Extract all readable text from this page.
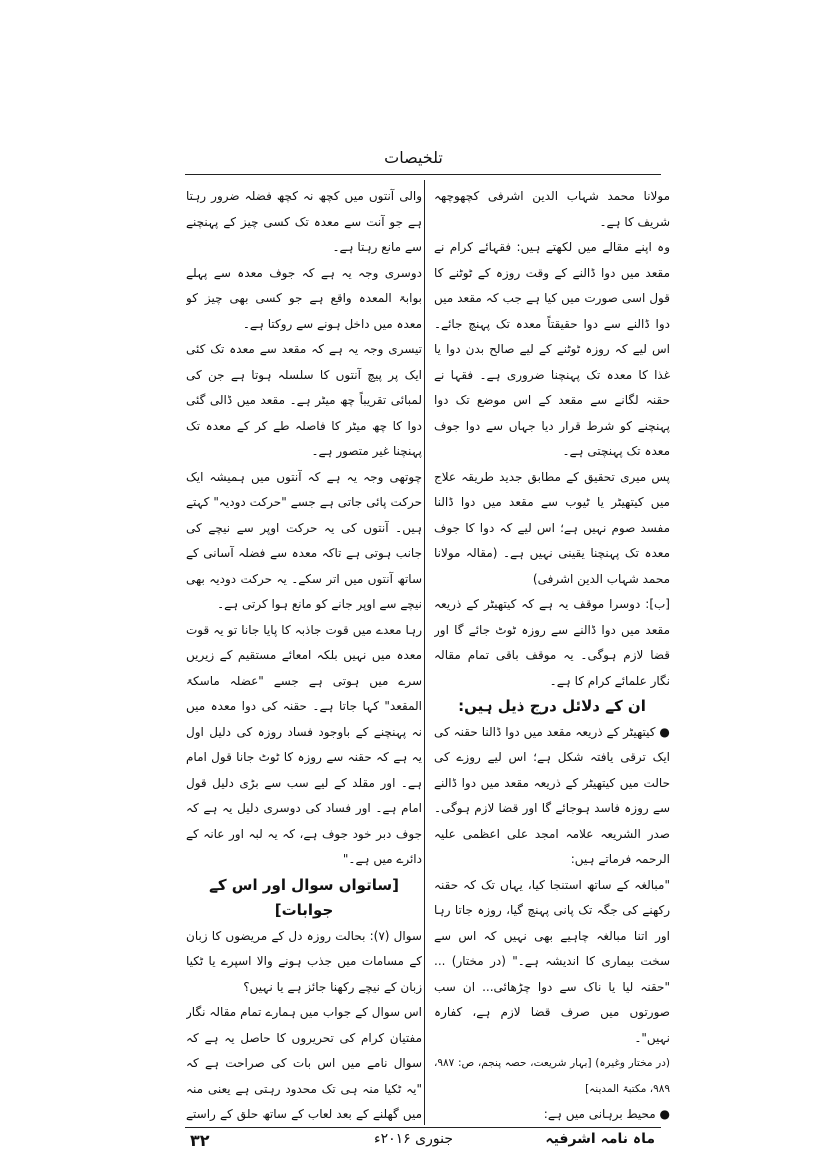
تلخیصات

مولانا محمد شہاب الدین اشرفی کچھوچھہ شریف کا ہے۔

وہ اپنے مقالے میں لکھتے ہیں: فقہائے کرام نے مقعد میں دوا ڈالنے کے وقت روزہ کے ٹوٹنے کا قول اسی صورت میں کیا ہے جب کہ مقعد میں دوا ڈالنے سے دوا حقیقتاً معدہ تک پہنچ جائے۔ اس لیے کہ روزہ ٹوٹنے کے لیے صالح بدن دوا یا غذا کا معدہ تک پہنچنا ضروری ہے۔ فقہا نے حقنہ لگانے سے مقعد کے اس موضع تک دوا پہنچنے کو شرط قرار دیا جہاں سے دوا جوف معدہ تک پہنچتی ہے۔

پس میری تحقیق کے مطابق جدید طریقہ علاج میں کیتھیٹر یا ٹیوب سے مقعد میں دوا ڈالنا مفسد صوم نہیں ہے؛ اس لیے کہ دوا کا جوف معدہ تک پہنچنا یقینی نہیں ہے۔ (مقالہ مولانا محمد شہاب الدین اشرفی)

[ب]: دوسرا موقف یہ ہے کہ کیتھیٹر کے ذریعہ مقعد میں دوا ڈالنے سے روزہ ٹوٹ جائے گا اور قضا لازم ہوگی۔ یہ موقف باقی تمام مقالہ نگار علمائے کرام کا ہے۔

ان کے دلائل درج ذیل ہیں:

● کیتھیٹر کے ذریعہ مقعد میں دوا ڈالنا حقنہ کی ایک ترقی یافتہ شکل ہے؛ اس لیے روزے کی حالت میں کیتھیٹر کے ذریعہ مقعد میں دوا ڈالنے سے روزہ فاسد ہوجائے گا اور قضا لازم ہوگی۔ صدر الشریعہ علامہ امجد علی اعظمی علیہ الرحمہ فرماتے ہیں:

"مبالغہ کے ساتھ استنجا کیا، یہاں تک کہ حقنہ رکھنے کی جگہ تک پانی پہنچ گیا، روزہ جاتا رہا اور اتنا مبالغہ چاہیے بھی نہیں کہ اس سے سخت بیماری کا اندیشہ ہے۔" (در مختار) ... "حقنہ لیا یا ناک سے دوا چڑھائی... ان سب صورتوں میں صرف قضا لازم ہے، کفارہ نہیں"۔

(در مختار وغیرہ) [بہار شریعت، حصہ پنجم، ص: ۹۸۷، ۹۸۹، مکتبۃ المدینہ]

● محیط برہانی میں ہے:

والی آنتوں میں کچھ نہ کچھ فضلہ ضرور رہتا ہے جو آنت سے معدہ تک کسی چیز کے پہنچنے سے مانع رہتا ہے۔

دوسری وجہ یہ ہے کہ جوف معدہ سے پہلے بوابۃ المعدہ واقع ہے جو کسی بھی چیز کو معدہ میں داخل ہونے سے روکتا ہے۔

تیسری وجہ یہ ہے کہ مقعد سے معدہ تک کئی ایک پر پیچ آنتوں کا سلسلہ ہوتا ہے جن کی لمبائی تقریباً چھ میٹر ہے۔ مقعد میں ڈالی گئی دوا کا چھ میٹر کا فاصلہ طے کر کے معدہ تک پہنچنا غیر متصور ہے۔

چوتھی وجہ یہ ہے کہ آنتوں میں ہمیشہ ایک حرکت پائی جاتی ہے جسے "حرکت دودیہ" کہتے ہیں۔ آنتوں کی یہ حرکت اوپر سے نیچے کی جانب ہوتی ہے تاکہ معدہ سے فضلہ آسانی کے ساتھ آنتوں میں اتر سکے۔ یہ حرکت دودیہ بھی نیچے سے اوپر جانے کو مانع ہوا کرتی ہے۔

رہا معدے میں قوت جاذبہ کا پایا جانا تو یہ قوت معدہ میں نہیں بلکہ امعائے مستقیم کے زیریں سرے میں ہوتی ہے جسے "عضلہ ماسکۃ المقعد" کہا جاتا ہے۔ حقنہ کی دوا معدہ میں نہ پہنچنے کے باوجود فساد روزہ کی دلیل اول یہ ہے کہ حقنہ سے روزہ کا ٹوٹ جانا قول امام ہے۔ اور مقلد کے لیے سب سے بڑی دلیل قول امام ہے۔ اور فساد کی دوسری دلیل یہ ہے کہ جوف دبر خود جوف ہے، کہ یہ لبہ اور عانہ کے دائرے میں ہے۔"

[ساتواں سوال اور اس کے جوابات]

سوال (۷): بحالت روزہ دل کے مریضوں کا زبان کے مسامات میں جذب ہونے والا اسپرے یا ٹکیا زبان کے نیچے رکھنا جائز ہے یا نہیں؟

اس سوال کے جواب میں ہمارے تمام مقالہ نگار مفتیان کرام کی تحریروں کا حاصل یہ ہے کہ سوال نامے میں اس بات کی صراحت ہے کہ "یہ ٹکیا منہ ہی تک محدود رہتی ہے یعنی منہ میں گھلنے کے بعد لعاب کے ساتھ حلق کے راستے

ماہ نامہ اشرفیہ
جنوری ۲۰۱۶ء
۳۲
